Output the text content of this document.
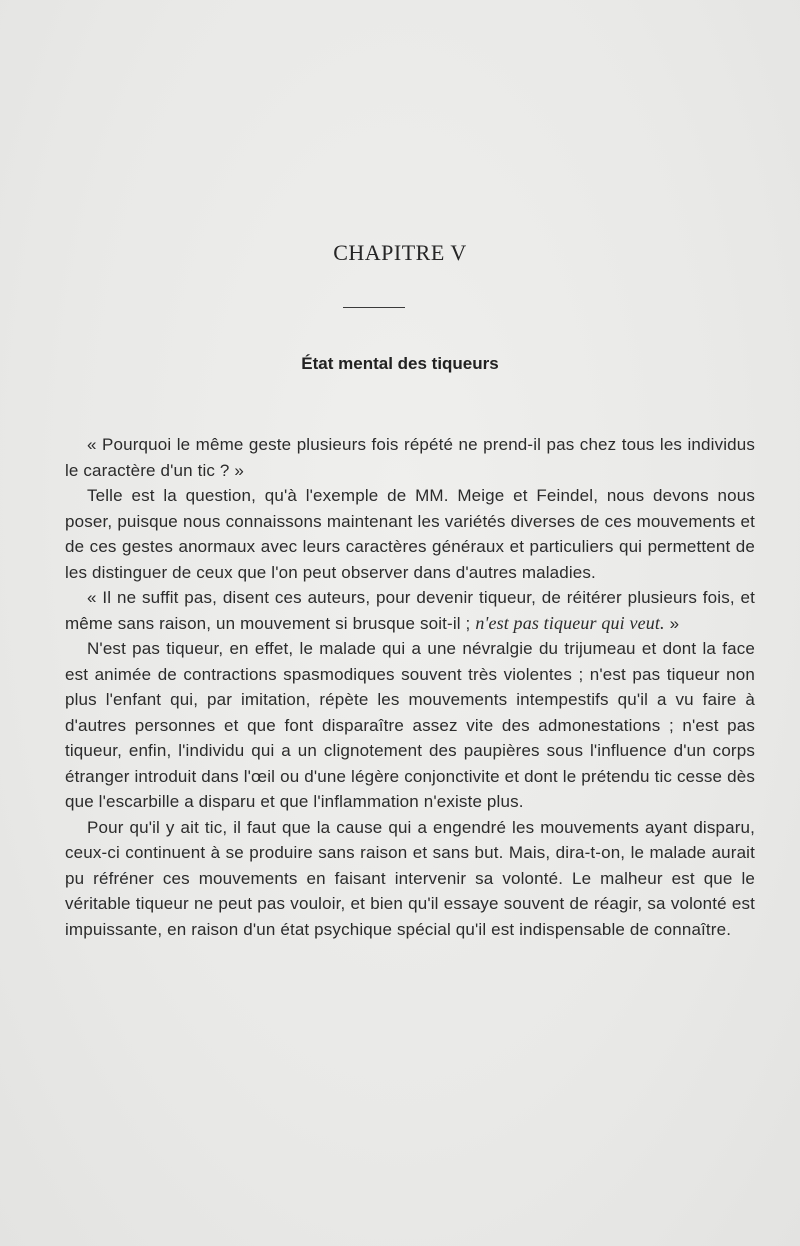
CHAPITRE V
État mental des tiqueurs

« Pourquoi le même geste plusieurs fois répété ne prend-il pas chez tous les individus le caractère d'un tic ? »

Telle est la question, qu'à l'exemple de MM. Meige et Feindel, nous devons nous poser, puisque nous connaissons maintenant les variétés diverses de ces mouvements et de ces gestes anormaux avec leurs caractères généraux et particuliers qui permettent de les distinguer de ceux que l'on peut observer dans d'autres maladies.

« Il ne suffit pas, disent ces auteurs, pour devenir tiqueur, de réitérer plusieurs fois, et même sans raison, un mouvement si brusque soit-il ; n'est pas tiqueur qui veut. »

N'est pas tiqueur, en effet, le malade qui a une névralgie du trijumeau et dont la face est animée de contractions spasmodiques souvent très violentes ; n'est pas tiqueur non plus l'enfant qui, par imitation, répète les mouvements intempestifs qu'il a vu faire à d'autres personnes et que font disparaître assez vite des admonestations ; n'est pas tiqueur, enfin, l'individu qui a un clignotement des paupières sous l'influence d'un corps étranger introduit dans l'œil ou d'une légère conjonctivite et dont le prétendu tic cesse dès que l'escarbille a disparu et que l'inflammation n'existe plus.

Pour qu'il y ait tic, il faut que la cause qui a engendré les mouvements ayant disparu, ceux-ci continuent à se produire sans raison et sans but. Mais, dira-t-on, le malade aurait pu réfréner ces mouvements en faisant intervenir sa volonté. Le malheur est que le véritable tiqueur ne peut pas vouloir, et bien qu'il essaye souvent de réagir, sa volonté est impuissante, en raison d'un état psychique spécial qu'il est indispensable de connaître.
